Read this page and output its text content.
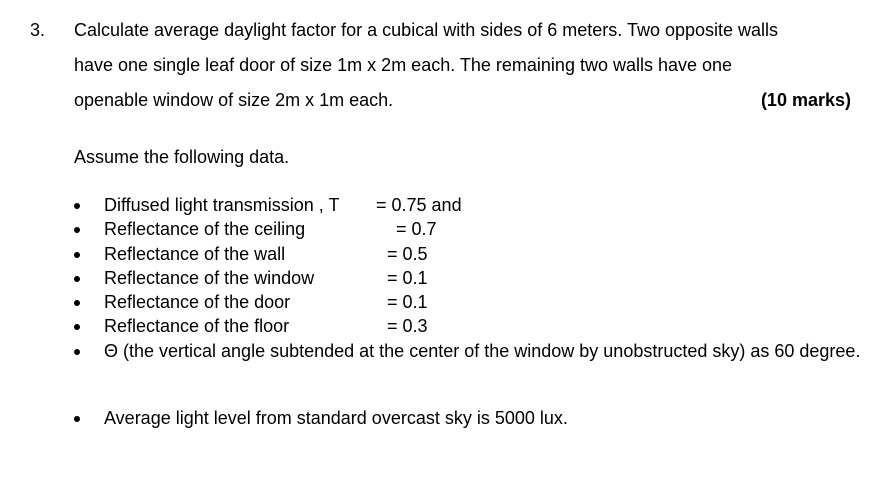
3. Calculate average daylight factor for a cubical with sides of 6 meters. Two opposite walls
have one single leaf door of size 1m x 2m each. The remaining two walls have one
openable window of size 2m x 1m each.	(10 marks)
Assume the following data.
Diffused light transmission , T = 0.75 and
Reflectance of the ceiling	= 0.7
Reflectance of the wall	= 0.5
Reflectance of the window	= 0.1
Reflectance of the door	= 0.1
Reflectance of the floor	= 0.3
Θ (the vertical angle subtended at the center of the window by unobstructed sky) as 60 degree.
Average light level from standard overcast sky is 5000 lux.
